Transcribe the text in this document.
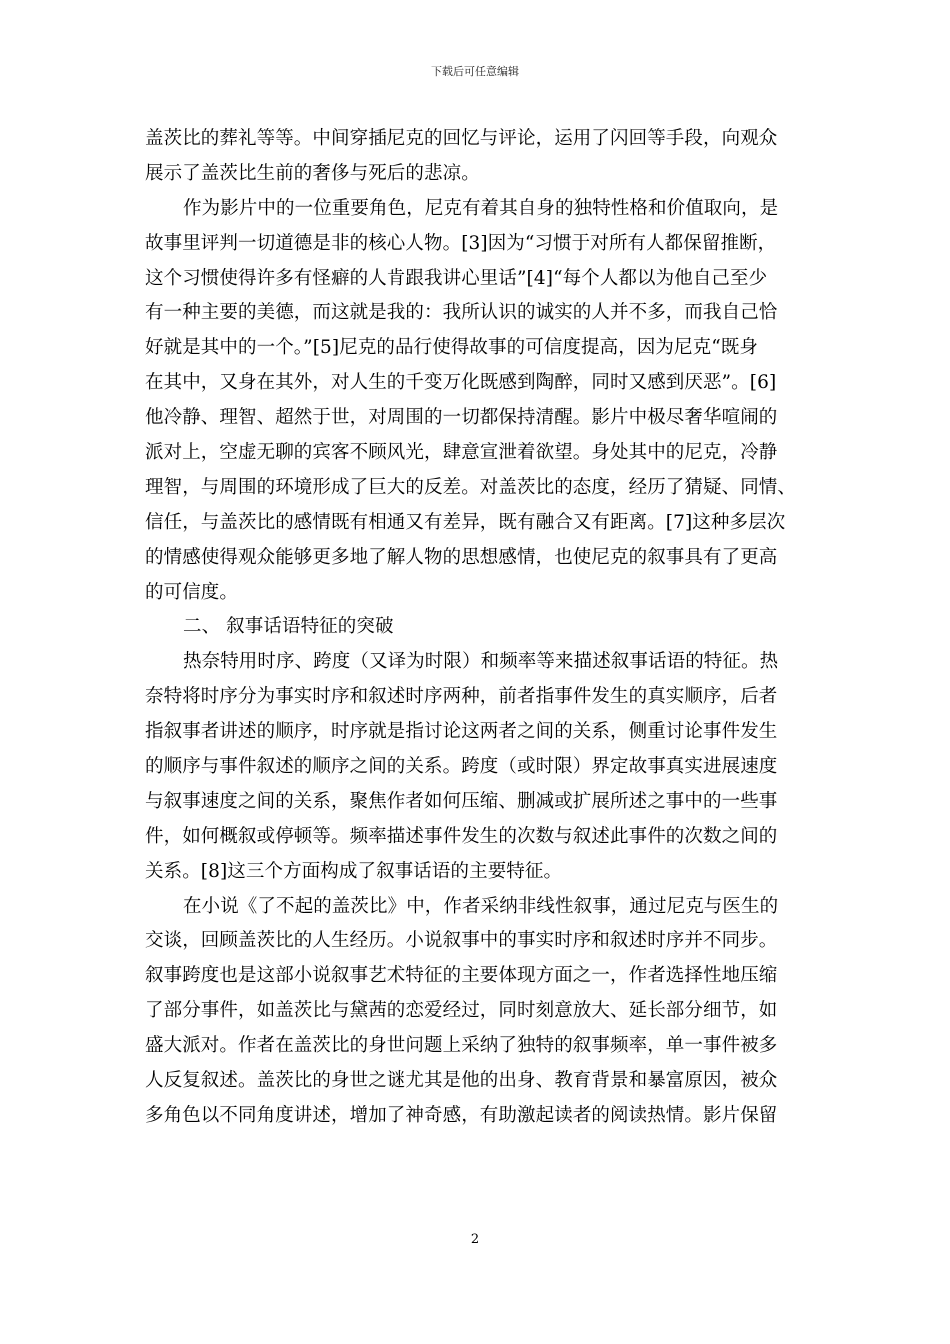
下载后可任意编辑
盖茨比的葬礼等等。中间穿插尼克的回忆与评论，运用了闪回等手段，向观众
展示了盖茨比生前的奢侈与死后的悲凉。
作为影片中的一位重要角色，尼克有着其自身的独特性格和价值取向，是
故事里评判一切道德是非的核心人物。[3]因为“习惯于对所有人都保留推断，
这个习惯使得许多有怪癖的人肯跟我讲心里话”[4]“每个人都以为他自己至少
有一种主要的美德，而这就是我的：我所认识的诚实的人并不多，而我自己恰
好就是其中的一个。”[5]尼克的品行使得故事的可信度提高，因为尼克“既身
在其中，又身在其外，对人生的千变万化既感到陶醉，同时又感到厌恶”。[6]
他冷静、理智、超然于世，对周围的一切都保持清醒。影片中极尽奢华喧闹的
派对上，空虚无聊的宾客不顾风光，肆意宣泄着欲望。身处其中的尼克，冷静
理智，与周围的环境形成了巨大的反差。对盖茨比的态度，经历了猜疑、同情、
信任，与盖茨比的感情既有相通又有差异，既有融合又有距离。[7]这种多层次
的情感使得观众能够更多地了解人物的思想感情，也使尼克的叙事具有了更高
的可信度。
二、 叙事话语特征的突破
热奈特用时序、跨度（又译为时限）和频率等来描述叙事话语的特征。热
奈特将时序分为事实时序和叙述时序两种，前者指事件发生的真实顺序，后者
指叙事者讲述的顺序，时序就是指讨论这两者之间的关系，侧重讨论事件发生
的顺序与事件叙述的顺序之间的关系。跨度（或时限）界定故事真实进展速度
与叙事速度之间的关系，聚焦作者如何压缩、删减或扩展所述之事中的一些事
件，如何概叙或停顿等。频率描述事件发生的次数与叙述此事件的次数之间的
关系。[8]这三个方面构成了叙事话语的主要特征。
在小说《了不起的盖茨比》中，作者采纳非线性叙事，通过尼克与医生的
交谈，回顾盖茨比的人生经历。小说叙事中的事实时序和叙述时序并不同步。
叙事跨度也是这部小说叙事艺术特征的主要体现方面之一，作者选择性地压缩
了部分事件，如盖茨比与黛茜的恋爱经过，同时刻意放大、延长部分细节，如
盛大派对。作者在盖茨比的身世问题上采纳了独特的叙事频率，单一事件被多
人反复叙述。盖茨比的身世之谜尤其是他的出身、教育背景和暴富原因，被众
多角色以不同角度讲述，增加了神奇感，有助激起读者的阅读热情。影片保留
2
